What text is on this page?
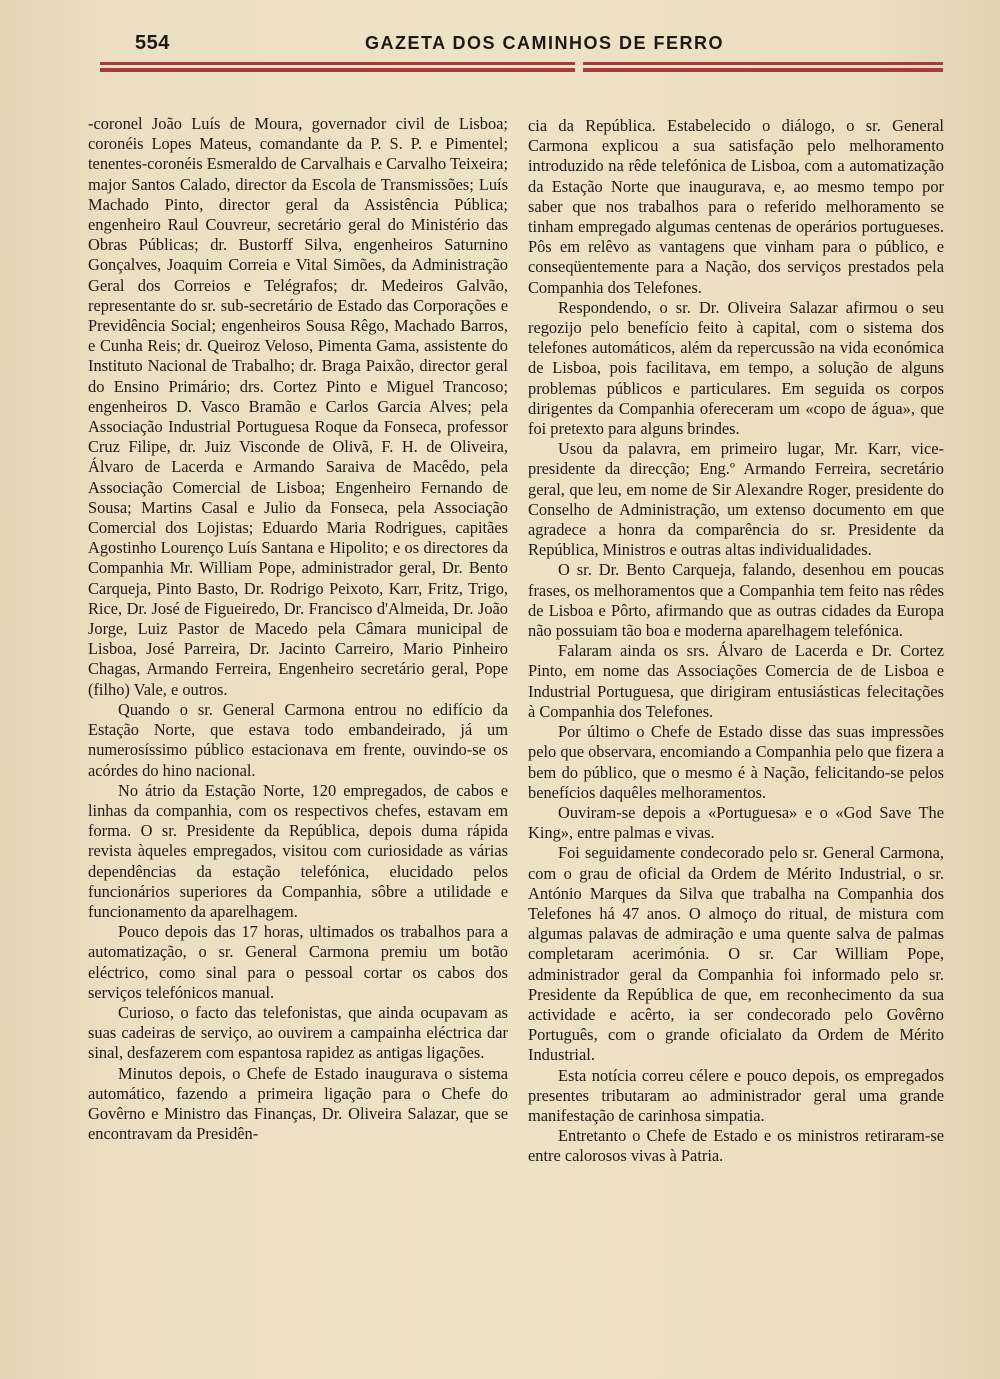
554	GAZETA DOS CAMINHOS DE FERRO

-coronel João Luís de Moura, governador civil de Lisboa; coronéis Lopes Mateus, comandante da P. S. P. e Pimentel; tenentes-coronéis Esmeraldo de Carvalhais e Carvalho Teixeira; major Santos Calado, director da Escola de Transmissões; Luís Machado Pinto, director geral da Assistência Pública; engenheiro Raul Couvreur, secretário geral do Ministério das Obras Públicas; dr. Bustorff Silva, engenheiros Saturnino Gonçalves, Joaquim Correia e Vital Simões, da Administração Geral dos Correios e Telégrafos; dr. Medeiros Galvão, representante do sr. sub-secretário de Estado das Corporações e Previdência Social; engenheiros Sousa Rêgo, Machado Barros, e Cunha Reis; dr. Queiroz Veloso, Pimenta Gama, assistente do Instituto Nacional de Trabalho; dr. Braga Paixão, director geral do Ensino Primário; drs. Cortez Pinto e Miguel Trancoso; engenheiros D. Vasco Bramão e Carlos Garcia Alves; pela Associação Industrial Portuguesa Roque da Fonseca, professor Cruz Filipe, dr. Juiz Visconde de Olivã, F. H. de Oliveira, Álvaro de Lacerda e Armando Saraiva de Macêdo, pela Associação Comercial de Lisboa; Engenheiro Fernando de Sousa; Martins Casal e Julio da Fonseca, pela Associação Comercial dos Lojistas; Eduardo Maria Rodrigues, capitães Agostinho Lourenço Luís Santana e Hipolito; e os directores da Companhia Mr. William Pope, administrador geral, Dr. Bento Carqueja, Pinto Basto, Dr. Rodrigo Peixoto, Karr, Fritz, Trigo, Rice, Dr. José de Figueiredo, Dr. Francisco d'Almeida, Dr. João Jorge, Luiz Pastor de Macedo pela Câmara municipal de Lisboa, José Parreira, Dr. Jacinto Carreiro, Mario Pinheiro Chagas, Armando Ferreira, Engenheiro secretário geral, Pope (filho) Vale, e outros.

Quando o sr. General Carmona entrou no edifício da Estação Norte, que estava todo embandeirado, já um numerosíssimo público estacionava em frente, ouvindo-se os acórdes do hino nacional.

No átrio da Estação Norte, 120 empregados, de cabos e linhas da companhia, com os respectivos chefes, estavam em forma. O sr. Presidente da República, depois duma rápida revista àqueles empregados, visitou com curiosidade as várias dependências da estação telefónica, elucidado pelos funcionários superiores da Companhia, sôbre a utilidade e funcionamento da aparelhagem.

Pouco depois das 17 horas, ultimados os trabalhos para a automatização, o sr. General Carmona premiu um botão eléctrico, como sinal para o pessoal cortar os cabos dos serviços telefónicos manual.

Curioso, o facto das telefonistas, que ainda ocupavam as suas cadeiras de serviço, ao ouvirem a campainha eléctrica dar sinal, desfazerem com espantosa rapidez as antigas ligações.

Minutos depois, o Chefe de Estado inaugurava o sistema automático, fazendo a primeira ligação para o Chefe do Govêrno e Ministro das Finanças, Dr. Oliveira Salazar, que se encontravam da Presidên-

cia da República. Estabelecido o diálogo, o sr. General Carmona explicou a sua satisfação pelo melhoramento introduzido na rêde telefónica de Lisboa, com a automatização da Estação Norte que inaugurava, e, ao mesmo tempo por saber que nos trabalhos para o referido melhoramento se tinham empregado algumas centenas de operários portugueses. Pôs em relêvo as vantagens que vinham para o público, e conseqüentemente para a Nação, dos serviços prestados pela Companhia dos Telefones.

Respondendo, o sr. Dr. Oliveira Salazar afirmou o seu regozijo pelo benefício feito à capital, com o sistema dos telefones automáticos, além da repercussão na vida económica de Lisboa, pois facilitava, em tempo, a solução de alguns problemas públicos e particulares. Em seguida os corpos dirigentes da Companhia ofereceram um «copo de água», que foi pretexto para alguns brindes.

Usou da palavra, em primeiro lugar, Mr. Karr, vice-presidente da direcção; Eng.º Armando Ferreira, secretário geral, que leu, em nome de Sir Alexandre Roger, presidente do Conselho de Administração, um extenso documento em que agradece a honra da comparência do sr. Presidente da República, Ministros e outras altas individualidades.

O sr. Dr. Bento Carqueja, falando, desenhou em poucas frases, os melhoramentos que a Companhia tem feito nas rêdes de Lisboa e Pôrto, afirmando que as outras cidades da Europa não possuiam tão boa e moderna aparelhagem telefónica.

Falaram ainda os srs. Álvaro de Lacerda e Dr. Cortez Pinto, em nome das Associações Comercia de de Lisboa e Industrial Portuguesa, que dirigiram entusiásticas felecitações à Companhia dos Telefones.

Por último o Chefe de Estado disse das suas impressões pelo que observara, encomiando a Companhia pelo que fizera a bem do público, que o mesmo é à Nação, felicitando-se pelos benefícios daquêles melhoramentos.

Ouviram-se depois a «Portuguesa» e o «God Save The King», entre palmas e vivas.

Foi seguidamente condecorado pelo sr. General Carmona, com o grau de oficial da Ordem de Mérito Industrial, o sr. António Marques da Silva que trabalha na Companhia dos Telefones há 47 anos. O almoço do ritual, de mistura com algumas palavas de admiração e uma quente salva de palmas completaram acerimónia. O sr. Car William Pope, administrador geral da Companhia foi informado pelo sr. Presidente da República de que, em reconhecimento da sua actividade e acêrto, ia ser condecorado pelo Govêrno Português, com o grande oficialato da Ordem de Mérito Industrial.

Esta notícia correu célere e pouco depois, os empregados presentes tributaram ao administrador geral uma grande manifestação de carinhosa simpatia.

Entretanto o Chefe de Estado e os ministros retiraram-se entre calorosos vivas à Patria.
